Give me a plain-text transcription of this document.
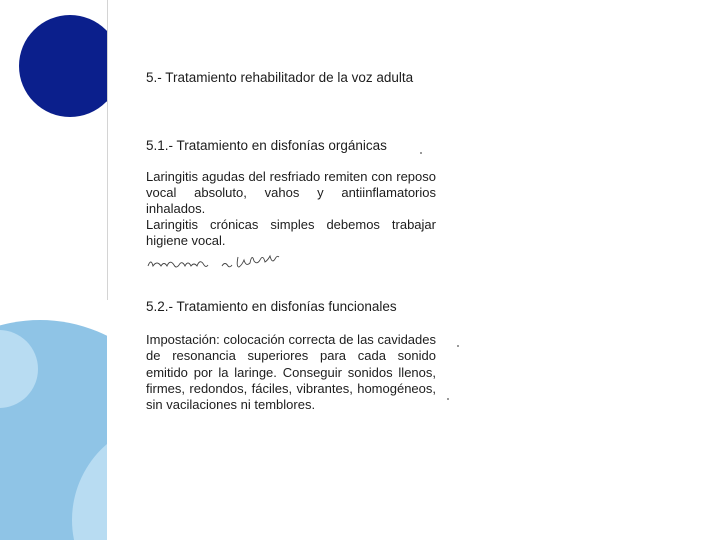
5.- Tratamiento rehabilitador de la voz adulta

5.1.- Tratamiento en disfonías orgánicas

Laringitis agudas del resfriado remiten con reposo vocal absoluto, vahos y antiinflamatorios inhalados.
Laringitis crónicas simples debemos trabajar higiene vocal.

5.2.- Tratamiento en disfonías funcionales

Impostación: colocación correcta de las cavidades de resonancia superiores para cada sonido emitido por la laringe. Conseguir sonidos llenos, firmes, redondos, fáciles, vibrantes, homogéneos, sin vacilaciones ni temblores.
